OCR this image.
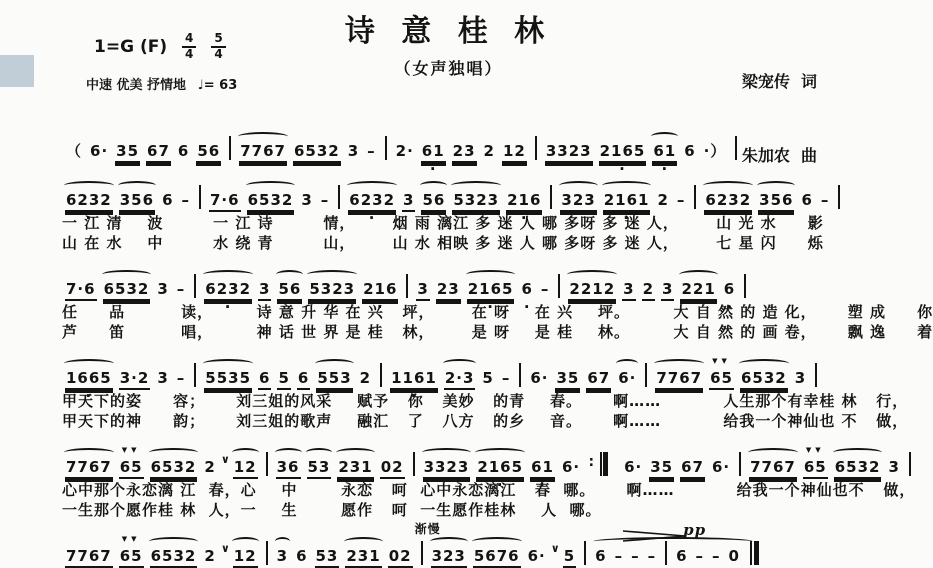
1=G $(F) \frac{4}{4}$
$\frac{5}{4}$
中速 优美 抒情地 ♩= 63
诗 意 桂 林
（女声独唱）

梁宠传  词

朱加农  曲

（ 6· 35 67 6 56 7767 6532 3 – 2· 61 · 23 2 12 3323 2165 · 61 · 6 ·）
6232 · 356 6 – 7·6 6532 3 – 6232 · 3 56 5323 216 · 323 2161 · 2 – 6232 356 6 –
一 江 清    波        一 江 诗        情，      烟 雨 漓江 多 迷 人 哪 多呀 多 迷 人，      山 光 水     影
山 在 水    中        水 绕 青        山，      山 水 相映 多 迷 人 哪 多呀 多 迷 人，      七 星 闪     烁
7·6 6532 3 – 6232 · 3 56 5323 216 · 3 23 2165 · 6 · – 2212 3 2 3 221 6 ·
任     品         读，       诗 意 升 华 在 兴   坪，      在 呀    在 兴    坪。       大 自 然 的 造 化，     塑 成     你
芦     笛         唱，       神 话 世 界 是 桂   林，      是 呀    是 桂    林。       大 自 然 的 画 卷，     飘 逸     着
1665 · 3·2 3 – 5535 6 5 6 553 2 1161 · 2·3 5 – 6· 35 67 6· 7767 65
▼▼
6532 3
甲天下的姿     容；     刘三姐的风采    赋予   你   美妙   的青    春。     啊……          人生那个有幸桂 林   行，
甲天下的神     韵；     刘三姐的歌声    融汇   了   八方   的乡    音。     啊……          给我一个神仙也 不   做，
7767 65
▼▼
6532 2 ∨ 12 36 53 231 02 3323 2165 · 61 · 6· ∶	6· 35 67 6· 7767 65
▼▼
6532 3
心中那个永恋漓 江  春，心    中       永恋   呵  心中永恋漓江   春  哪。     啊……          给我一个神仙也不   做，
一生那个愿作桂 林  人，一    生       愿作   呵  一生愿作桂林    人  哪。
7767 65
▼▼
6532 2 ∨ 12 3 6 53 231 02 323
渐慢
5676 6· ∨ 5 6 – – – 6
pp
– – 0
